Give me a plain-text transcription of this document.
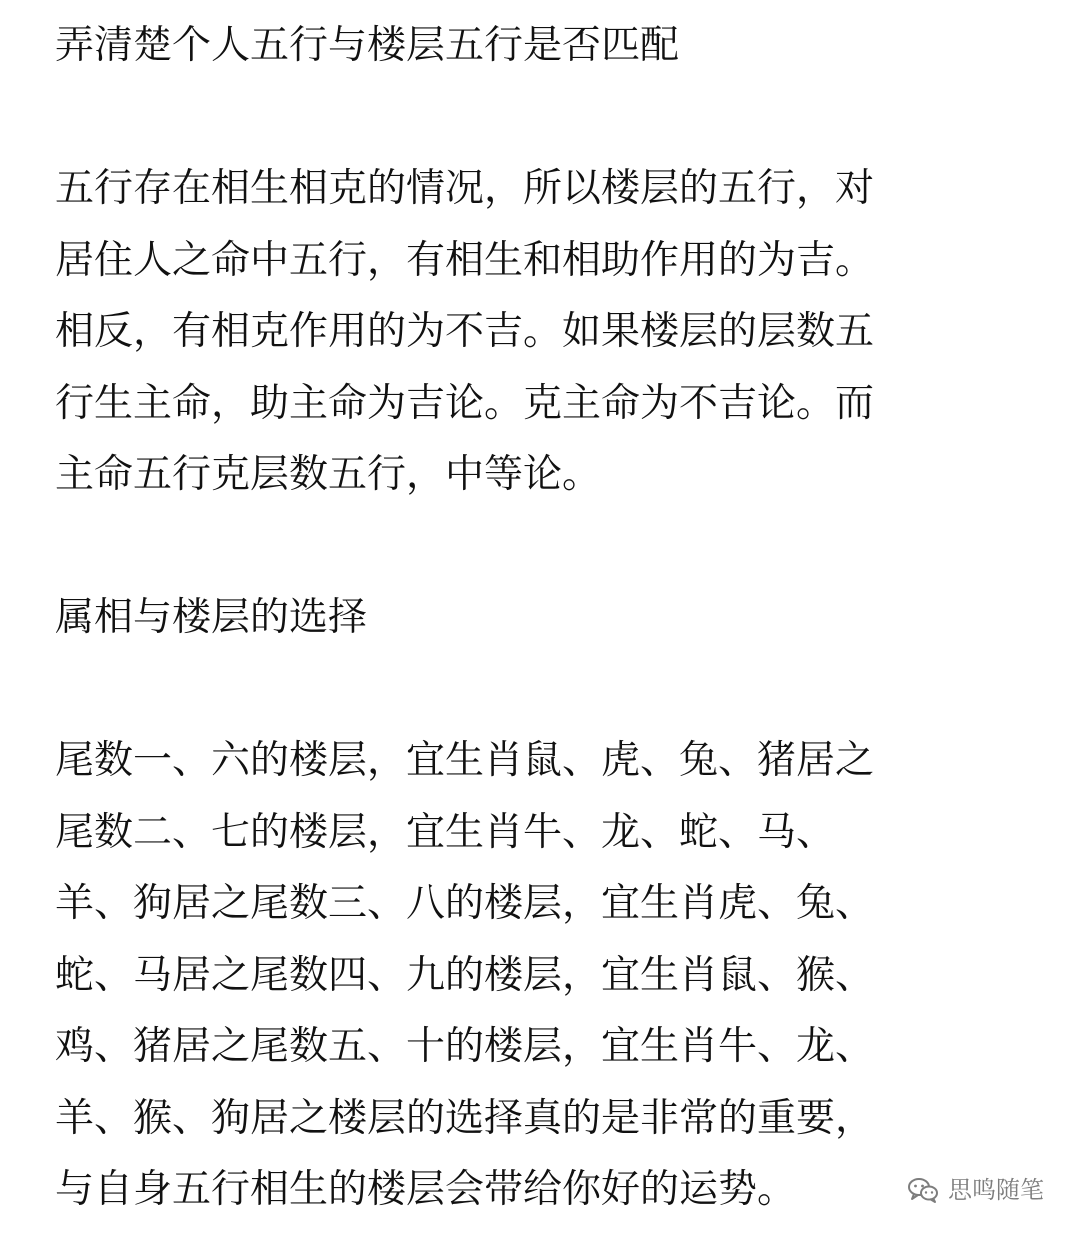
弄清楚个人五行与楼层五行是否匹配
五行存在相生相克的情况，所以楼层的五行，对
居住人之命中五行，有相生和相助作用的为吉。
相反，有相克作用的为不吉。如果楼层的层数五
行生主命，助主命为吉论。克主命为不吉论。而
主命五行克层数五行，中等论。
属相与楼层的选择
尾数一、六的楼层，宜生肖鼠、虎、兔、猪居之
尾数二、七的楼层，宜生肖牛、龙、蛇、马、
羊、狗居之尾数三、八的楼层，宜生肖虎、兔、
蛇、马居之尾数四、九的楼层，宜生肖鼠、猴、
鸡、猪居之尾数五、十的楼层，宜生肖牛、龙、
羊、猴、狗居之楼层的选择真的是非常的重要，
与自身五行相生的楼层会带给你好的运势。	思鸣随笔
